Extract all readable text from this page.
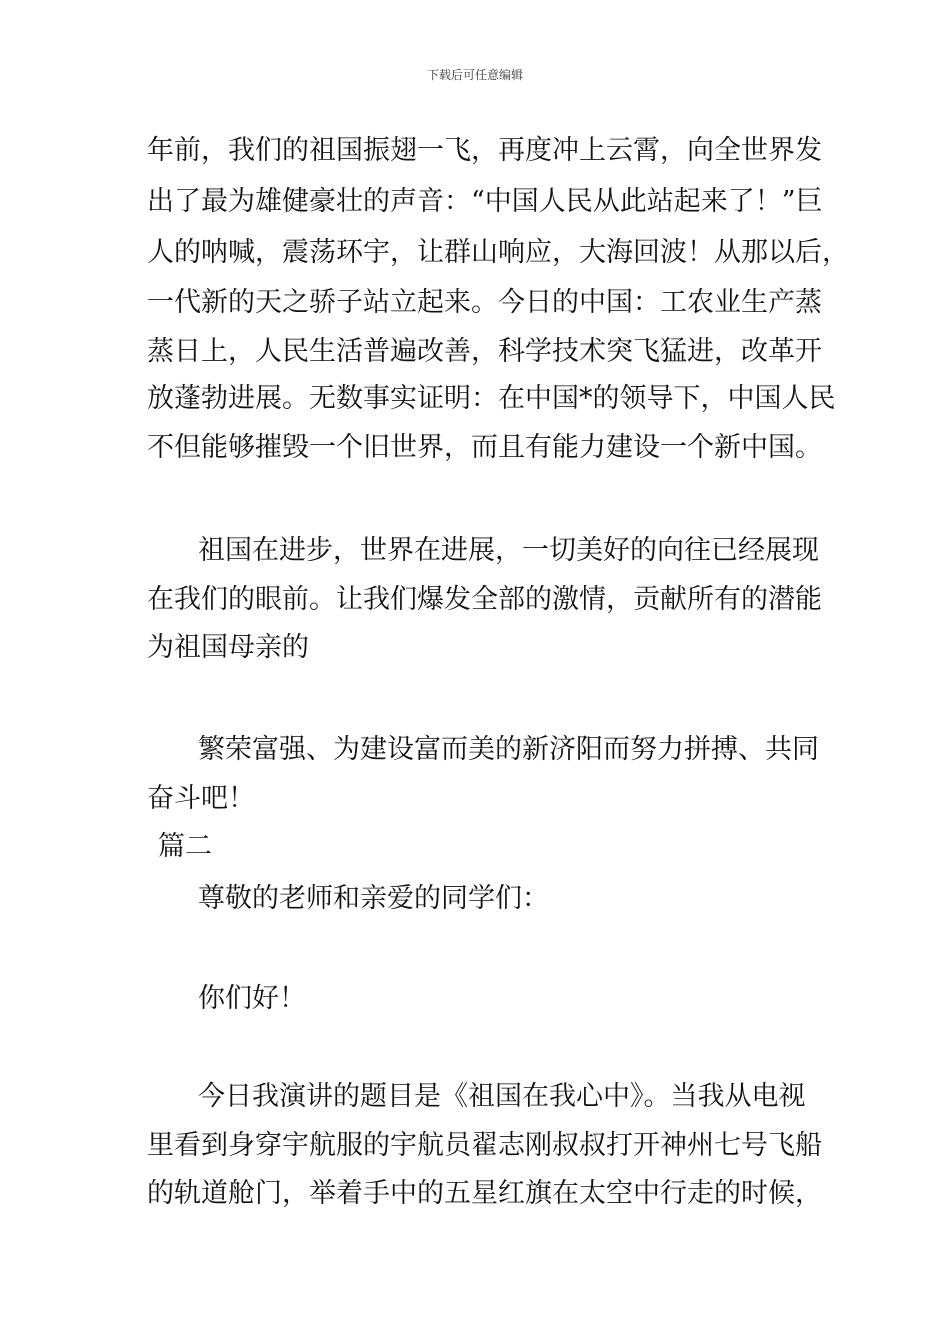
下载后可任意编辑
年前，我们的祖国振翅一飞，再度冲上云霄，向全世界发
出了最为雄健豪壮的声音：“中国人民从此站起来了！”巨
人的呐喊，震荡环宇，让群山响应，大海回波！从那以后，
一代新的天之骄子站立起来。今日的中国：工农业生产蒸
蒸日上，人民生活普遍改善，科学技术突飞猛进，改革开
放蓬勃进展。无数事实证明：在中国*的领导下，中国人民
不但能够摧毁一个旧世界，而且有能力建设一个新中国。
祖国在进步，世界在进展，一切美好的向往已经展现
在我们的眼前。让我们爆发全部的激情，贡献所有的潜能
为祖国母亲的
繁荣富强、为建设富而美的新济阳而努力拼搏、共同
奋斗吧！
篇二
尊敬的老师和亲爱的同学们：
你们好！
今日我演讲的题目是《祖国在我心中》。当我从电视
里看到身穿宇航服的宇航员翟志刚叔叔打开神州七号飞船
的轨道舱门，举着手中的五星红旗在太空中行走的时候，
